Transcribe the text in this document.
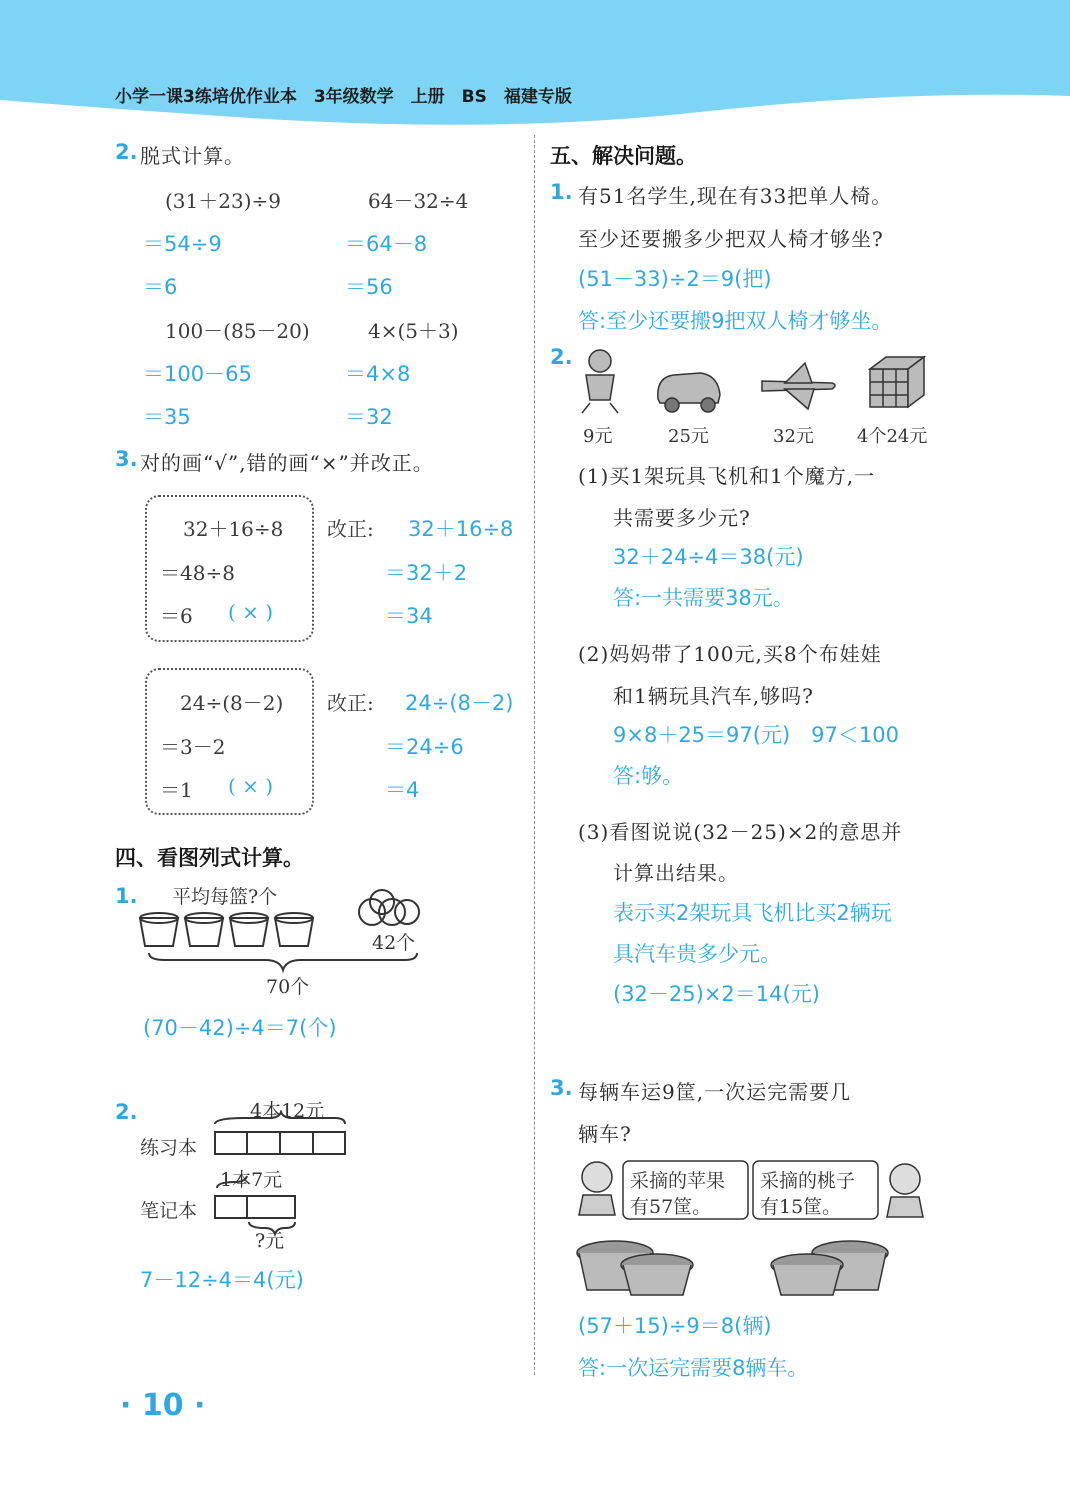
小学一课3练培优作业本　3年级数学　上册　BS　福建专版
2. 脱式计算。
(31＋23)÷9
＝54÷9
＝6
64－32÷4
＝64－8
＝56
100－(85－20)
＝100－65
＝35
4×(5＋3)
＝4×8
＝32
3. 对的画“√”,错的画“×”并改正。
32＋16÷8
＝48÷8
＝6 ( × )
改正: 32＋16÷8
＝32＋2
＝34
24÷(8－2)
＝3－2
＝1 ( × )
改正: 24÷(8－2)
＝24÷6
＝4
四、看图列式计算。
1. 平均每篮?个
42个
70个
(70－42)÷4＝7(个)
2.	4本12元
练习本
1本7元
笔记本
?元
7－12÷4＝4(元)
· 10 ·
五、解决问题。
1. 有51名学生,现在有33把单人椅。
至少还要搬多少把双人椅才够坐?
(51－33)÷2＝9(把)
答:至少还要搬9把双人椅才够坐。
2.
9元	25元	32元 4个24元
(1)买1架玩具飞机和1个魔方,一
共需要多少元?
32＋24÷4＝38(元)
答:一共需要38元。
(2)妈妈带了100元,买8个布娃娃
和1辆玩具汽车,够吗?
9×8＋25＝97(元)　97＜100
答:够。
(3)看图说说(32－25)×2的意思并
计算出结果。
表示买2架玩具飞机比买2辆玩
具汽车贵多少元。
(32－25)×2＝14(元)
3. 每辆车运9筐,一次运完需要几
辆车?
采摘的苹果
有57筐。
采摘的桃子
有15筐。
(57＋15)÷9＝8(辆)
答:一次运完需要8辆车。
